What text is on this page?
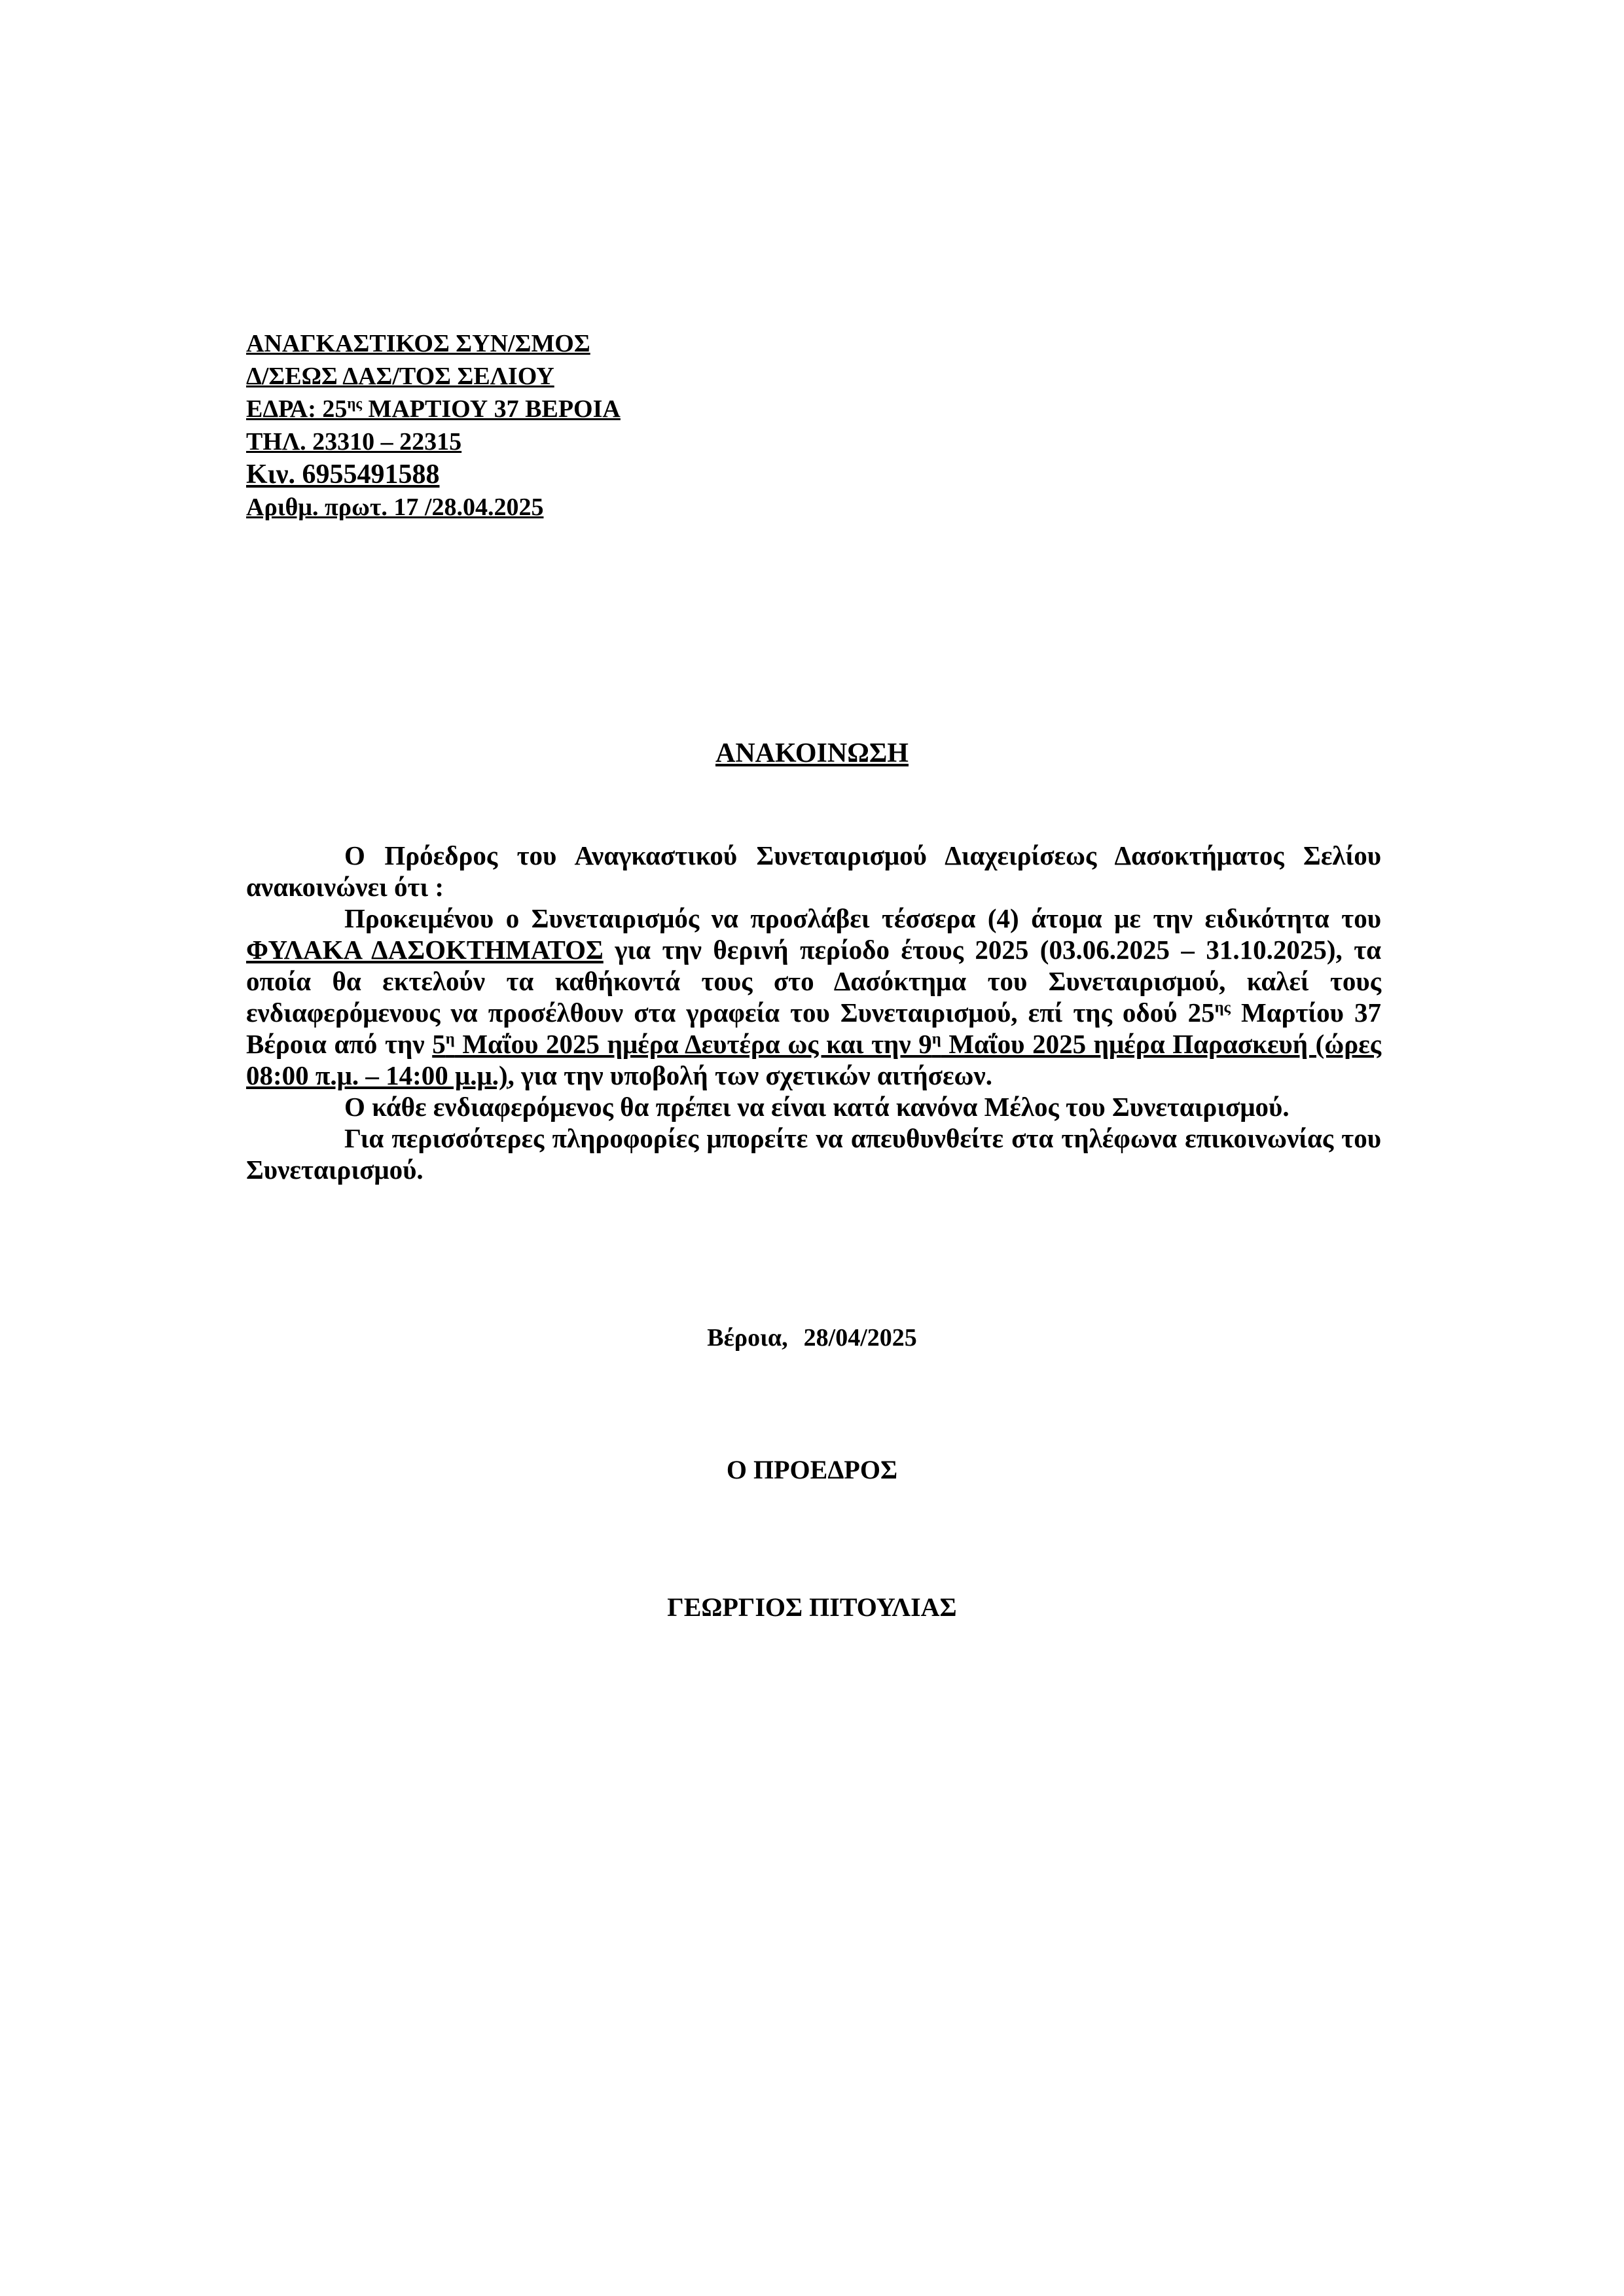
ΑΝΑΓΚΑΣΤΙΚΟΣ ΣΥΝ/ΣΜΟΣ
Δ/ΣΕΩΣ ΔΑΣ/ΤΟΣ ΣΕΛΙΟΥ
ΕΔΡΑ: $25^{\eta\varsigma}$ ΜΑΡΤΙΟΥ 37 ΒΕΡΟΙΑ
ΤΗΛ. 23310 – 22315
Κιν. 6955491588
Αριθμ. πρωτ. 17 /28.04.2025
ΑΝΑΚΟΙΝΩΣΗ

Ο Πρόεδρος του Αναγκαστικού Συνεταιρισμού Διαχειρίσεως Δασοκτήματος Σελίου ανακοινώνει ότι :

Προκειμένου ο Συνεταιρισμός να προσλάβει τέσσερα (4) άτομα με την ειδικότητα του ΦΥΛΑΚΑ ΔΑΣΟΚΤΗΜΑΤΟΣ για την θερινή περίοδο έτους 2025 (03.06.2025 – 31.10.2025), τα οποία θα εκτελούν τα καθήκοντά τους στο Δασόκτημα του Συνεταιρισμού, καλεί τους ενδιαφερόμενους να προσέλθουν στα γραφεία του Συνεταιρισμού, επί της οδού $25^{\eta\varsigma}$ Μαρτίου 37 Βέροια από την $5^\eta$ Μαΐου 2025 ημέρα Δευτέρα ως και την $9^\eta$ Μαΐου 2025 ημέρα Παρασκευή (ώρες 08:00 π.μ. – 14:00 μ.μ.), για την υποβολή των σχετικών αιτήσεων.

Ο κάθε ενδιαφερόμενος θα πρέπει να είναι κατά κανόνα Μέλος του Συνεταιρισμού.

Για περισσότερες πληροφορίες μπορείτε να απευθυνθείτε στα τηλέφωνα επικοινωνίας του Συνεταιρισμού.

Βέροια, 28/04/2025
Ο ΠΡΟΕΔΡΟΣ
ΓΕΩΡΓΙΟΣ ΠΙΤΟΥΛΙΑΣ
